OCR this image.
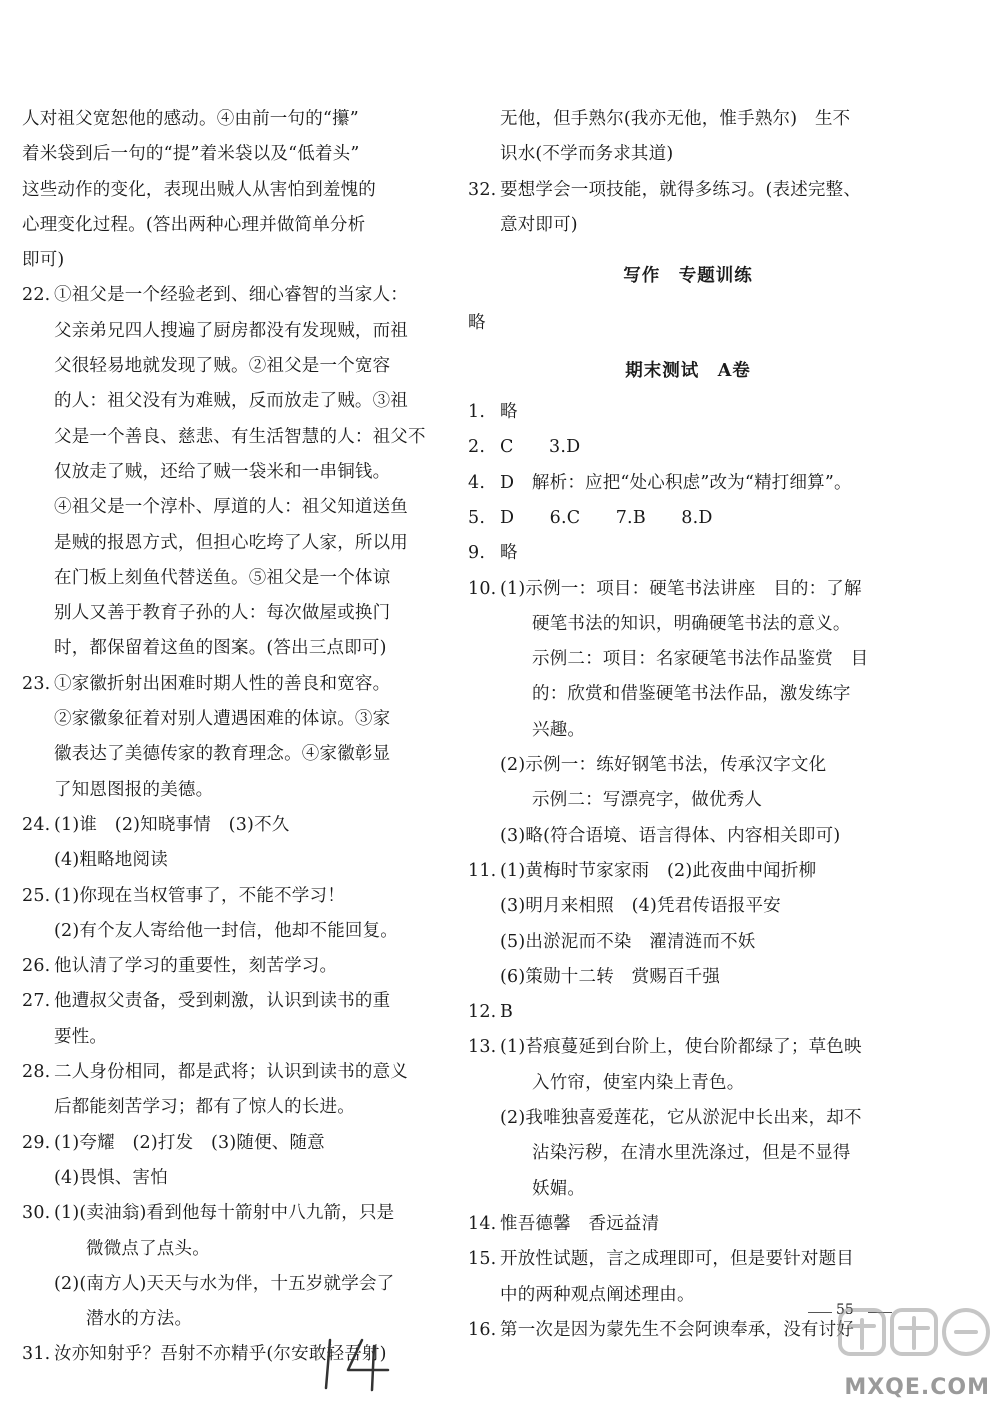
人对祖父宽恕他的感动。④由前一句的“攥”
着米袋到后一句的“提”着米袋以及“低着头”
这些动作的变化，表现出贼人从害怕到羞愧的
心理变化过程。(答出两种心理并做简单分析
即可)
22. ①祖父是一个经验老到、细心睿智的当家人：
父亲弟兄四人搜遍了厨房都没有发现贼，而祖
父很轻易地就发现了贼。②祖父是一个宽容
的人：祖父没有为难贼，反而放走了贼。③祖
父是一个善良、慈悲、有生活智慧的人：祖父不
仅放走了贼，还给了贼一袋米和一串铜钱。
④祖父是一个淳朴、厚道的人：祖父知道送鱼
是贼的报恩方式，但担心吃垮了人家，所以用
在门板上刻鱼代替送鱼。⑤祖父是一个体谅
别人又善于教育子孙的人：每次做屋或换门
时，都保留着这鱼的图案。(答出三点即可)
23. ①家徽折射出困难时期人性的善良和宽容。
②家徽象征着对别人遭遇困难的体谅。③家
徽表达了美德传家的教育理念。④家徽彰显
了知恩图报的美德。
24. (1)谁　(2)知晓事情　(3)不久
(4)粗略地阅读
25. (1)你现在当权管事了，不能不学习！
(2)有个友人寄给他一封信，他却不能回复。
26. 他认清了学习的重要性，刻苦学习。
27. 他遭叔父责备，受到刺激，认识到读书的重
要性。
28. 二人身份相同，都是武将；认识到读书的意义
后都能刻苦学习；都有了惊人的长进。
29. (1)夸耀　(2)打发　(3)随便、随意
(4)畏惧、害怕
30. (1)(卖油翁)看到他每十箭射中八九箭，只是
微微点了点头。
(2)(南方人)天天与水为伴，十五岁就学会了
潜水的方法。
31. 汝亦知射乎？吾射不亦精乎(尔安敢轻吾射)
无他，但手熟尔(我亦无他，惟手熟尔)　生不
识水(不学而务求其道)
32. 要想学会一项技能，就得多练习。(表述完整、
意对即可)
写作　专题训练
略
期末测试　A卷
1. 略
2. C　　3.D
4. D　解析：应把“处心积虑”改为“精打细算”。
5. D　　6.C　　7.B　　8.D
9. 略
10. (1)示例一：项目：硬笔书法讲座　目的：了解
硬笔书法的知识，明确硬笔书法的意义。
示例二：项目：名家硬笔书法作品鉴赏　目
的：欣赏和借鉴硬笔书法作品，激发练字
兴趣。
(2)示例一：练好钢笔书法，传承汉字文化
示例二：写漂亮字，做优秀人
(3)略(符合语境、语言得体、内容相关即可)
11. (1)黄梅时节家家雨　(2)此夜曲中闻折柳
(3)明月来相照　(4)凭君传语报平安
(5)出淤泥而不染　濯清涟而不妖
(6)策勋十二转　赏赐百千强
12. B
13. (1)苔痕蔓延到台阶上，使台阶都绿了；草色映
入竹帘，使室内染上青色。
(2)我唯独喜爱莲花，它从淤泥中长出来，却不
沾染污秽，在清水里洗涤过，但是不显得
妖媚。
14. 惟吾德馨　香远益清
15. 开放性试题，言之成理即可，但是要针对题目
中的两种观点阐述理由。
16. 第一次是因为蒙先生不会阿谀奉承，没有讨好
55
MXQE.COM
